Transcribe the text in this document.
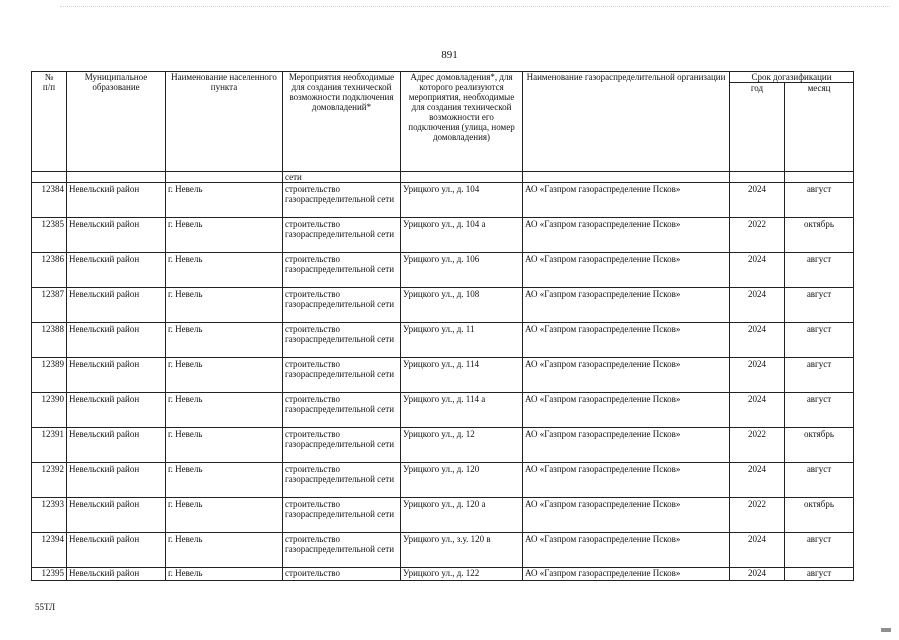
891
№
п/п	Муниципальное образование	Наименование населенного пункта	Мероприятия необходимые для создания технической возможности подключения домовладений*	Адрес домовладения*, для которого реализуются мероприятия, необходимые для создания технической возможности его подключения (улица, номер домовладения)	Наименование газораспределительной организации	Срок догазификации	
						год	месяц
			сети				
12384	Невельский район	г. Невель	строительство газораспределительной сети	Урицкого ул., д. 104	АО «Газпром газораспределение Псков»	2024	август
12385	Невельский район	г. Невель	строительство газораспределительной сети	Урицкого ул., д. 104 а	АО «Газпром газораспределение Псков»	2022	октябрь
12386	Невельский район	г. Невель	строительство газораспределительной сети	Урицкого ул., д. 106	АО «Газпром газораспределение Псков»	2024	август
12387	Невельский район	г. Невель	строительство газораспределительной сети	Урицкого ул., д. 108	АО «Газпром газораспределение Псков»	2024	август
12388	Невельский район	г. Невель	строительство газораспределительной сети	Урицкого ул., д. 11	АО «Газпром газораспределение Псков»	2024	август
12389	Невельский район	г. Невель	строительство газораспределительной сети	Урицкого ул., д. 114	АО «Газпром газораспределение Псков»	2024	август
12390	Невельский район	г. Невель	строительство газораспределительной сети	Урицкого ул., д. 114 а	АО «Газпром газораспределение Псков»	2024	август
12391	Невельский район	г. Невель	строительство газораспределительной сети	Урицкого ул., д. 12	АО «Газпром газораспределение Псков»	2022	октябрь
12392	Невельский район	г. Невель	строительство газораспределительной сети	Урицкого ул., д. 120	АО «Газпром газораспределение Псков»	2024	август
12393	Невельский район	г. Невель	строительство газораспределительной сети	Урицкого ул., д. 120 а	АО «Газпром газораспределение Псков»	2022	октябрь
12394	Невельский район	г. Невель	строительство газораспределительной сети	Урицкого ул., з.у. 120 в	АО «Газпром газораспределение Псков»	2024	август
12395	Невельский район	г. Невель	строительство	Урицкого ул., д. 122	АО «Газпром газораспределение Псков»	2024	август
55ТЛ
